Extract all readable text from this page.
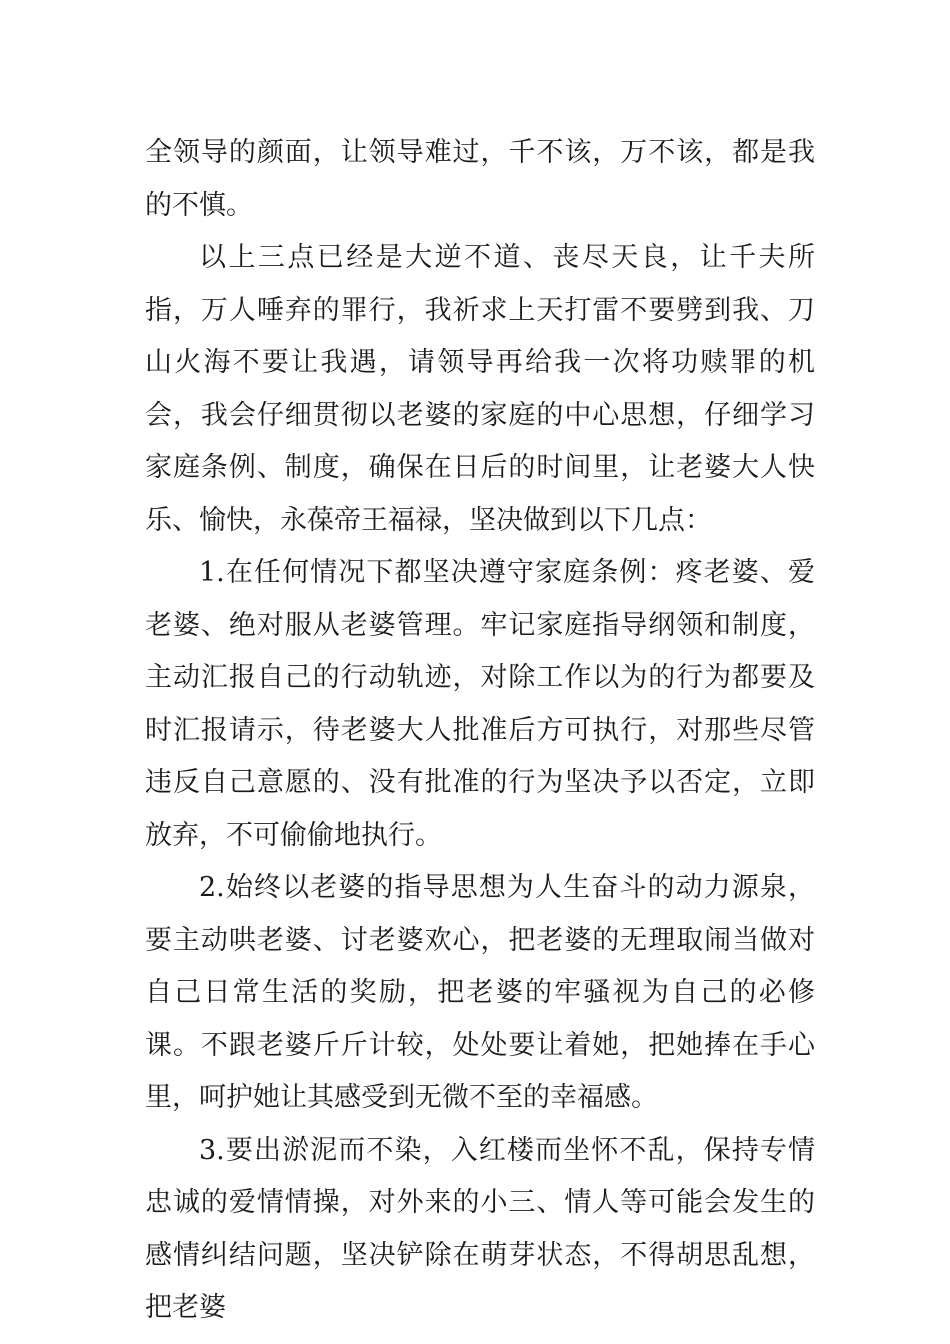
全领导的颜面，让领导难过，千不该，万不该，都是我的不慎。

以上三点已经是大逆不道、丧尽天良，让千夫所指，万人唾弃的罪行，我祈求上天打雷不要劈到我、刀山火海不要让我遇，请领导再给我一次将功赎罪的机会，我会仔细贯彻以老婆的家庭的中心思想，仔细学习家庭条例、制度，确保在日后的时间里，让老婆大人快乐、愉快，永葆帝王福禄，坚决做到以下几点：

1.在任何情况下都坚决遵守家庭条例：疼老婆、爱老婆、绝对服从老婆管理。牢记家庭指导纲领和制度，主动汇报自己的行动轨迹，对除工作以为的行为都要及时汇报请示，待老婆大人批准后方可执行，对那些尽管违反自己意愿的、没有批准的行为坚决予以否定，立即放弃，不可偷偷地执行。

2.始终以老婆的指导思想为人生奋斗的动力源泉，要主动哄老婆、讨老婆欢心，把老婆的无理取闹当做对自己日常生活的奖励，把老婆的牢骚视为自己的必修课。不跟老婆斤斤计较，处处要让着她，把她捧在手心里，呵护她让其感受到无微不至的幸福感。

3.要出淤泥而不染，入红楼而坐怀不乱，保持专情忠诚的爱情情操，对外来的小三、情人等可能会发生的感情纠结问题，坚决铲除在萌芽状态，不得胡思乱想，把老婆
